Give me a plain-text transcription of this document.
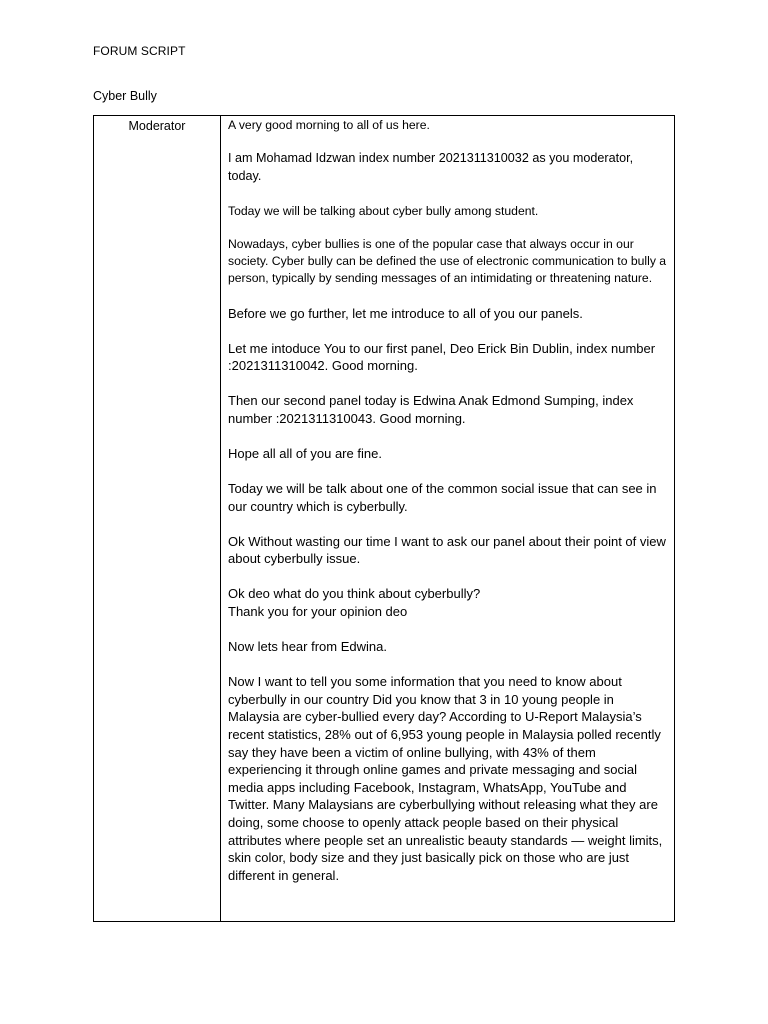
FORUM SCRIPT
Cyber Bully
Moderator	A very good morning to all of us here.

I am Mohamad Idzwan index number 2021311310032 as you moderator, today.

Today we will be talking about cyber bully among student.

Nowadays, cyber bullies is one of the popular case that always occur in our society. Cyber bully can be defined the use of electronic communication to bully a person, typically by sending messages of an intimidating or threatening nature.

Before we go further, let me introduce to all of you our panels.

Let me intoduce You to our first panel, Deo Erick Bin Dublin, index number :2021311310042. Good morning.

Then our second panel today is Edwina Anak Edmond Sumping, index number :2021311310043. Good morning.

Hope all all of you are fine.

Today we will be talk about one of the common social issue that can see in our country which is cyberbully.

Ok Without wasting our time I want to ask our panel about their point of view about cyberbully issue.

Ok deo what do you think about cyberbully?

Thank you for your opinion deo

Now lets hear from Edwina.

Now I want to tell you some information that you need to know about cyberbully in our country Did you know that 3 in 10 young people in Malaysia are cyber-bullied every day? According to U-Report Malaysia’s recent statistics, 28% out of 6,953 young people in Malaysia polled recently say they have been a victim of online bullying, with 43% of them experiencing it through online games and private messaging and social media apps including Facebook, Instagram, WhatsApp, YouTube and Twitter. Many Malaysians are cyberbullying without releasing what they are doing, some choose to openly attack people based on their physical attributes where people set an unrealistic beauty standards — weight limits, skin color, body size and they just basically pick on those who are just different in general.
